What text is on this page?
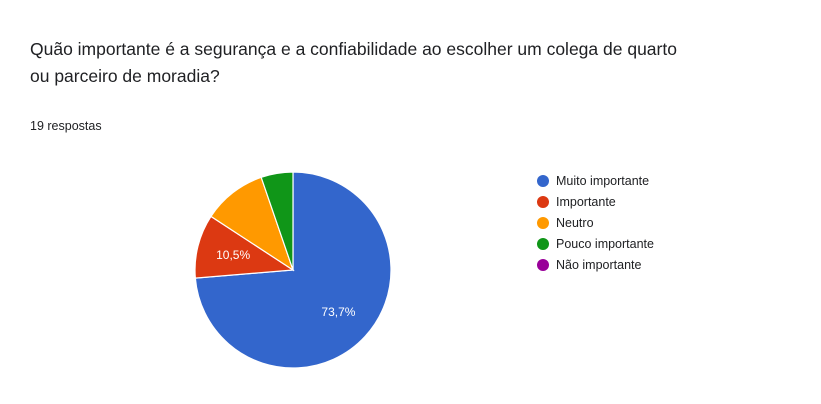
Quão importante é a segurança e a confiabilidade ao escolher um colega de quarto
ou parceiro de moradia?
19 respostas
73,7%
10,5%
Muito importante
Importante
Neutro
Pouco importante
Não importante
